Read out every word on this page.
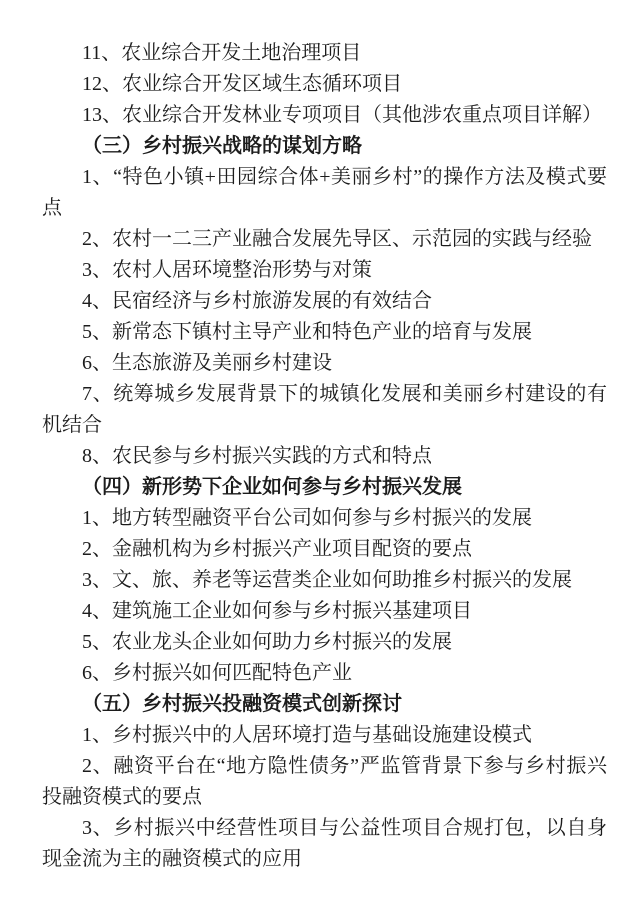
11、农业综合开发土地治理项目

12、农业综合开发区域生态循环项目

13、农业综合开发林业专项项目（其他涉农重点项目详解）

（三）乡村振兴战略的谋划方略

1、“特色小镇+田园综合体+美丽乡村”的操作方法及模式要点

2、农村一二三产业融合发展先导区、示范园的实践与经验

3、农村人居环境整治形势与对策

4、民宿经济与乡村旅游发展的有效结合

5、新常态下镇村主导产业和特色产业的培育与发展

6、生态旅游及美丽乡村建设

7、统筹城乡发展背景下的城镇化发展和美丽乡村建设的有机结合

8、农民参与乡村振兴实践的方式和特点

（四）新形势下企业如何参与乡村振兴发展

1、地方转型融资平台公司如何参与乡村振兴的发展

2、金融机构为乡村振兴产业项目配资的要点

3、文、旅、养老等运营类企业如何助推乡村振兴的发展

4、建筑施工企业如何参与乡村振兴基建项目

5、农业龙头企业如何助力乡村振兴的发展

6、乡村振兴如何匹配特色产业

（五）乡村振兴投融资模式创新探讨

1、乡村振兴中的人居环境打造与基础设施建设模式

2、融资平台在“地方隐性债务”严监管背景下参与乡村振兴投融资模式的要点

3、乡村振兴中经营性项目与公益性项目合规打包，以自身现金流为主的融资模式的应用
